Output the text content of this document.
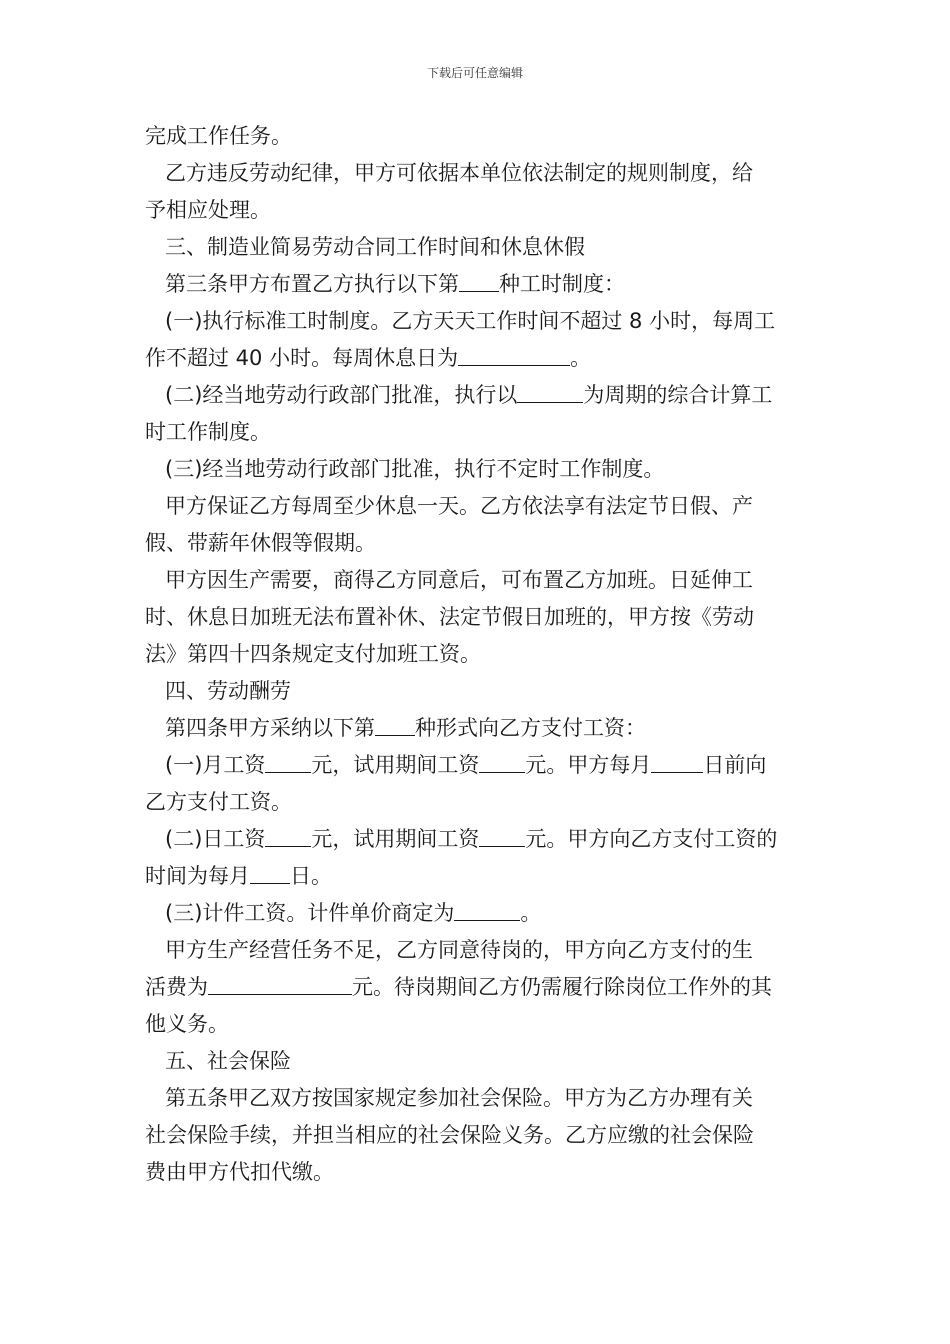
下载后可任意编辑
完成工作任务。
乙方违反劳动纪律，甲方可依据本单位依法制定的规则制度，给
予相应处理。
三、制造业简易劳动合同工作时间和休息休假
第三条甲方布置乙方执行以下第 种工时制度：
(一)执行标准工时制度。乙方天天工作时间不超过 8 小时，每周工
作不超过 40 小时。每周休息日为	。
(二)经当地劳动行政部门批准，执行以	为周期的综合计算工
时工作制度。
(三)经当地劳动行政部门批准，执行不定时工作制度。
甲方保证乙方每周至少休息一天。乙方依法享有法定节日假、产
假、带薪年休假等假期。
甲方因生产需要，商得乙方同意后，可布置乙方加班。日延伸工
时、休息日加班无法布置补休、法定节假日加班的，甲方按《劳动
法》第四十四条规定支付加班工资。
四、劳动酬劳
第四条甲方采纳以下第 种形式向乙方支付工资：
(一)月工资 元，试用期间工资 元。甲方每月 日前向
乙方支付工资。
(二)日工资 元，试用期间工资 元。甲方向乙方支付工资的
时间为每月 日。
(三)计件工资。计件单价商定为	。
甲方生产经营任务不足，乙方同意待岗的，甲方向乙方支付的生
活费为	元。待岗期间乙方仍需履行除岗位工作外的其
他义务。
五、社会保险
第五条甲乙双方按国家规定参加社会保险。甲方为乙方办理有关
社会保险手续，并担当相应的社会保险义务。乙方应缴的社会保险
费由甲方代扣代缴。
